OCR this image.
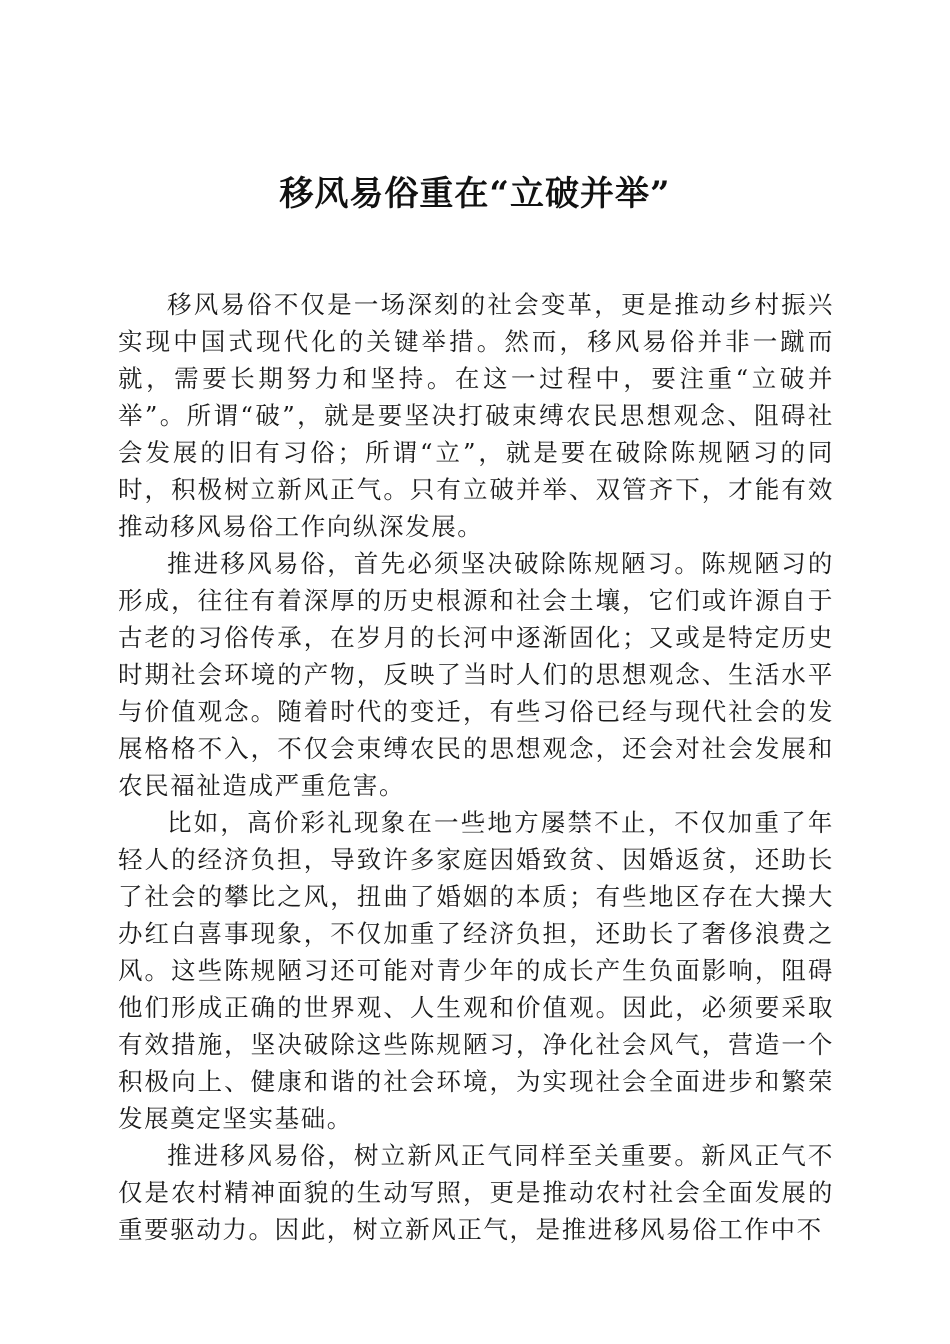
移风易俗重在“立破并举”

移风易俗不仅是一场深刻的社会变革，更是推动乡村振兴实现中国式现代化的关键举措。然而，移风易俗并非一蹴而就，需要长期努力和坚持。在这一过程中，要注重“立破并举”。所谓“破”，就是要坚决打破束缚农民思想观念、阻碍社会发展的旧有习俗；所谓“立”，就是要在破除陈规陋习的同时，积极树立新风正气。只有立破并举、双管齐下，才能有效推动移风易俗工作向纵深发展。

推进移风易俗，首先必须坚决破除陈规陋习。陈规陋习的形成，往往有着深厚的历史根源和社会土壤，它们或许源自于古老的习俗传承，在岁月的长河中逐渐固化；又或是特定历史时期社会环境的产物，反映了当时人们的思想观念、生活水平与价值观念。随着时代的变迁，有些习俗已经与现代社会的发展格格不入，不仅会束缚农民的思想观念，还会对社会发展和农民福祉造成严重危害。

比如，高价彩礼现象在一些地方屡禁不止，不仅加重了年轻人的经济负担，导致许多家庭因婚致贫、因婚返贫，还助长了社会的攀比之风，扭曲了婚姻的本质；有些地区存在大操大办红白喜事现象，不仅加重了经济负担，还助长了奢侈浪费之风。这些陈规陋习还可能对青少年的成长产生负面影响，阻碍他们形成正确的世界观、人生观和价值观。因此，必须要采取有效措施，坚决破除这些陈规陋习，净化社会风气，营造一个积极向上、健康和谐的社会环境，为实现社会全面进步和繁荣发展奠定坚实基础。

推进移风易俗，树立新风正气同样至关重要。新风正气不仅是农村精神面貌的生动写照，更是推动农村社会全面发展的重要驱动力。因此，树立新风正气，是推进移风易俗工作中不
